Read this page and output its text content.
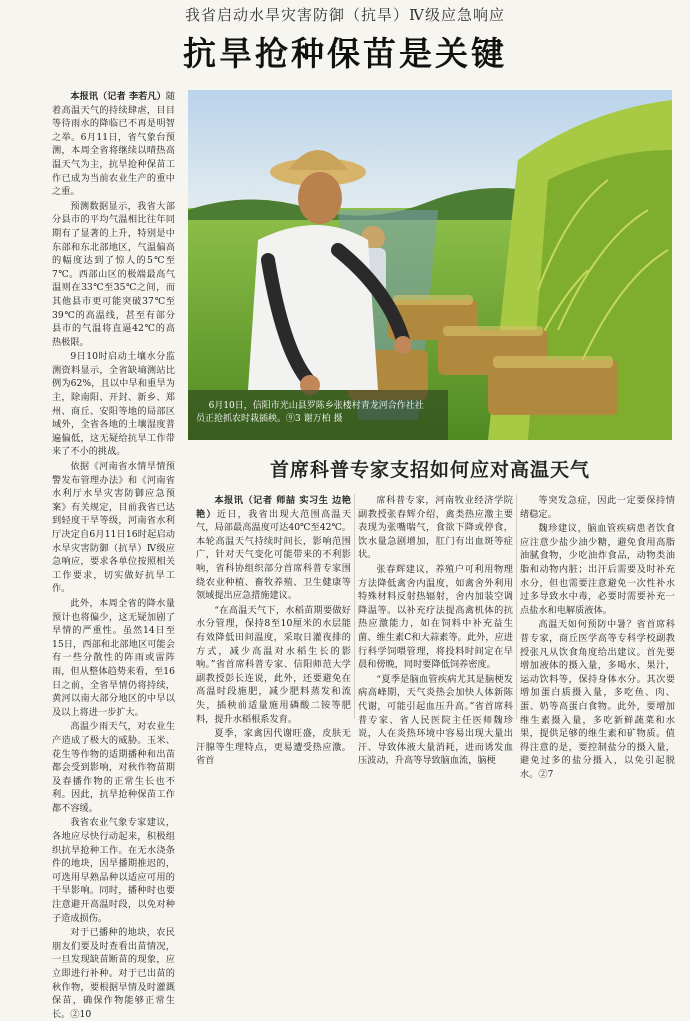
我省启动水旱灾害防御（抗旱）Ⅳ级应急响应
抗旱抢种保苗是关键

本报讯（记者 李若凡）随着高温天气的持续肆虐，目目等待雨水的降临已不再是明智之举。6月11日，省气象台预测，本周全省将继续以晴热高温天气为主，抗旱抢种保苗工作已成为当前农业生产的重中之重。

预测数据显示，我省大部分县市的平均气温相比往年同期有了显著的上升，特别是中东部和东北部地区，气温偏高的幅度达到了惊人的5℃至7℃。西部山区的极端最高气温则在33℃至35℃之间，而其他县市更可能突破37℃至39℃的高温线，甚至有部分县市的气温将直逼42℃的高热极限。

9日10时启动土壤水分监测资料显示，全省缺墒测站比例为62%，且以中早和重旱为主，除南阳、开封、新乡、郑州、商丘、安阳等地的局部区域外，全省各地的土壤湿度普遍偏低，这无疑给抗旱工作带来了不小的挑战。

依据《河南省水情旱情预警发布管理办法》和《河南省水利厅水旱灾害防御应急预案》有关规定，目前我省已达到轻度干旱等级，河南省水利厅决定自6月11日16时起启动水旱灾害防御（抗旱）Ⅳ级应急响应，要求各单位按照相关工作要求，切实做好抗旱工作。

此外，本周全省的降水量预计也将偏少，这无疑加剧了旱情的严重性。虽然14日至15日，西部和北部地区可能会有一些分散性的阵雨或雷阵雨，但从整体趋势来看，至16日之前，全省旱情仍将持续，黄河以南大部分地区的中早以及以上将进一步扩大。

高温少雨天气，对农业生产造成了极大的威胁。玉米、花生等作物的适期播种和出苗都会受到影响，对秋作物苗期及春播作物的正常生长也不利。因此，抗旱抢种保苗工作都不容缓。

我省农业气象专家建议，各地应尽快行动起来，积极组织抗旱抢种工作。在无水浇条件的地块，因旱播期推迟的，可选用早熟品种以适应可用的干旱影响。同时，播种时也要注意避开高温时段，以免对种子造成损伤。

对于已播种的地块，农民朋友们要及时查看出苗情况，一旦发现缺苗断苗的现象，应立即进行补种。对于已出苗的秋作物，要根据旱情及时灌溉保苗，确保作物能够正常生长。②10

6月10日，信阳市光山县罗陈乡张楼村青龙河合作社社员正抢抓农时栽插秧。⑨3 谢万柏 摄
首席科普专家支招如何应对高温天气

本报讯（记者 师喆 实习生 边艳艳）近日，我省出现大范围高温天气，局部最高温度可达40℃至42℃。本轮高温天气持续时间长，影响范围广，针对天气变化可能带来的不利影响，省科协组织部分首席科普专家围绕农业种植、畜牧养殖、卫生健康等领域提出应急措施建议。

“在高温天气下，水稻苗期要做好水分管理，保持8至10厘米的水层能有效降低田间温度，采取日灌夜排的方式，减少高温对水稻生长的影响。”省首席科普专家、信阳师范大学副教授彭长连说，此外，还要避免在高温时段施肥，减少肥料蒸发和流失，插秧前适量施用磷酸二铵等肥料，提升水稻根系发育。

夏季，家禽因代谢旺盛，皮肤无汗腺等生理特点，更易遭受热应激。省首

席科普专家，河南牧业经济学院副教授张春辉介绍，禽类热应激主要表现为张嘴喘气，食欲下降或停食，饮水量急剧增加，肛门有出血斑等症状。

张春辉建议，养殖户可利用物理方法降低禽舍内温度，如禽舍外利用特殊材料反射热辐射，舍内加装空调降温等。以补充疗法提高禽机体的抗热应激能力，如在饲料中补充益生菌、维生素C和大蒜素等。此外，应进行科学饲喂管理，将投料时间定在早晨和傍晚，同时要降低饲养密度。

“夏季是脑血管疾病尤其是脑梗发病高峰期，天气炎热会加快人体新陈代谢，可能引起血压升高。”省首席科普专家、省人民医院主任医师魏珍说，人在炎热环境中容易出现大量出汗、导致体液大量消耗，进而诱发血压波动，升高等导致脑血流，脑梗

等突发急症，因此一定要保持情绪稳定。

魏珍建议，脑血管疾病患者饮食应注意少盐少油少糖，避免食用高脂油腻食物，少吃油炸食品，动物类油脂和动物内脏；出汗后需要及时补充水分，但也需要注意避免一次性补水过多导致水中毒，必要时需要补充一点盐水和电解质液体。

高温天如何预防中暑？省首席科普专家，商丘医学高等专科学校副教授张凡从饮食角度给出建议。首先要增加液体的摄入量，多喝水、果汁，运动饮料等，保持身体水分。其次要增加蛋白质摄入量，多吃鱼、肉、蛋、奶等高蛋白食物。此外，要增加维生素摄入量，多吃新鲜蔬菜和水果，提供足够的维生素和矿物质。值得注意的是，要控制盐分的摄入量，避免过多的盐分摄入，以免引起脱水。②7
